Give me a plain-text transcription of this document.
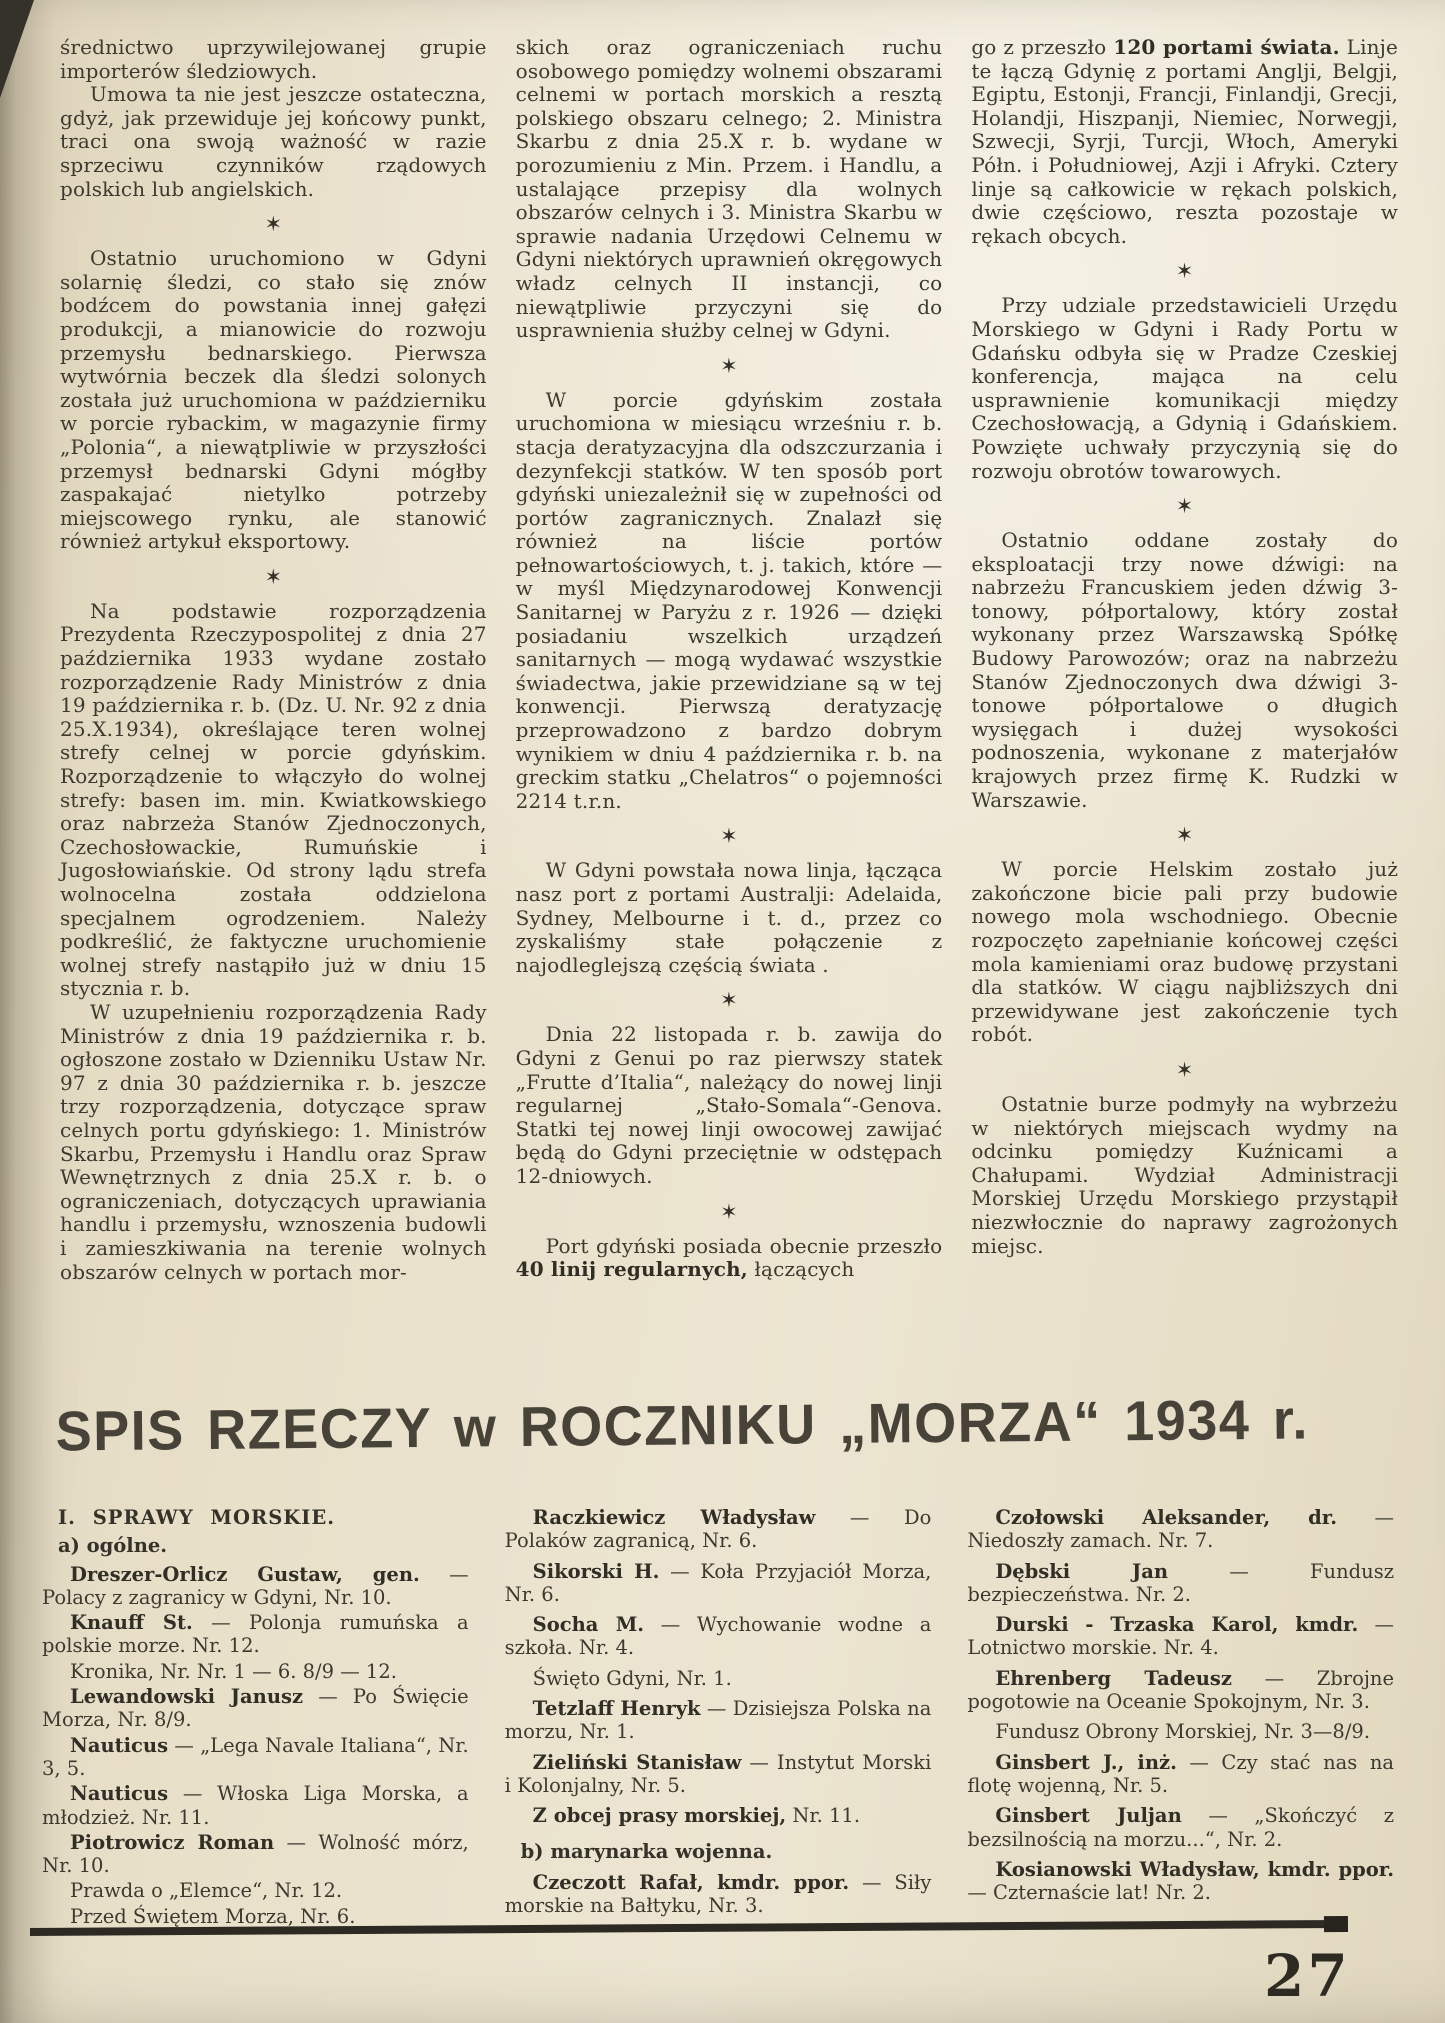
średnictwo uprzywilejowanej grupie importerów śledziowych.

Umowa ta nie jest jeszcze ostateczna, gdyż, jak przewiduje jej końcowy punkt, traci ona swoją ważność w razie sprzeciwu czynników rządowych polskich lub angielskich.

✶

Ostatnio uruchomiono w Gdyni solarnię śledzi, co stało się znów bodźcem do powstania innej gałęzi produkcji, a mianowicie do rozwoju przemysłu bednarskiego. Pierwsza wytwórnia beczek dla śledzi solonych została już uruchomiona w październiku w porcie rybackim, w magazynie firmy „Polonia“, a niewątpliwie w przyszłości przemysł bednarski Gdyni mógłby zaspakajać nietylko potrzeby miejscowego rynku, ale stanowić również artykuł eksportowy.

✶

Na podstawie rozporządzenia Prezydenta Rzeczypospolitej z dnia 27 października 1933 wydane zostało rozporządzenie Rady Ministrów z dnia 19 października r. b. (Dz. U. Nr. 92 z dnia 25.X.1934), określające teren wolnej strefy celnej w porcie gdyńskim. Rozporządzenie to włączyło do wolnej strefy: basen im. min. Kwiatkowskiego oraz nabrzeża Stanów Zjednoczonych, Czechosłowackie, Rumuńskie i Jugosłowiańskie. Od strony lądu strefa wolnocelna została oddzielona specjalnem ogrodzeniem. Należy podkreślić, że faktyczne uruchomienie wolnej strefy nastąpiło już w dniu 15 stycznia r. b.

W uzupełnieniu rozporządzenia Rady Ministrów z dnia 19 października r. b. ogłoszone zostało w Dzienniku Ustaw Nr. 97 z dnia 30 października r. b. jeszcze trzy rozporządzenia, dotyczące spraw celnych portu gdyńskiego: 1. Ministrów Skarbu, Przemysłu i Handlu oraz Spraw Wewnętrznych z dnia 25.X r. b. o ograniczeniach, dotyczących uprawiania handlu i przemysłu, wznoszenia budowli i zamieszkiwania na terenie wolnych obszarów celnych w portach mor-

skich oraz ograniczeniach ruchu osobowego pomiędzy wolnemi obszarami celnemi w portach morskich a resztą polskiego obszaru celnego; 2. Ministra Skarbu z dnia 25.X r. b. wydane w porozumieniu z Min. Przem. i Handlu, a ustalające przepisy dla wolnych obszarów celnych i 3. Ministra Skarbu w sprawie nadania Urzędowi Celnemu w Gdyni niektórych uprawnień okręgowych władz celnych II instancji, co niewątpliwie przyczyni się do usprawnienia służby celnej w Gdyni.

✶

W porcie gdyńskim została uruchomiona w miesiącu wrześniu r. b. stacja deratyzacyjna dla odszczurzania i dezynfekcji statków. W ten sposób port gdyński uniezależnił się w zupełności od portów zagranicznych. Znalazł się również na liście portów pełnowartościowych, t. j. takich, które — w myśl Międzynarodowej Konwencji Sanitarnej w Paryżu z r. 1926 — dzięki posiadaniu wszelkich urządzeń sanitarnych — mogą wydawać wszystkie świadectwa, jakie przewidziane są w tej konwencji. Pierwszą deratyzację przeprowadzono z bardzo dobrym wynikiem w dniu 4 października r. b. na greckim statku „Chelatros“ o pojemności 2214 t.r.n.

✶

W Gdyni powstała nowa linja, łącząca nasz port z portami Australji: Adelaida, Sydney, Melbourne i t. d., przez co zyskaliśmy stałe połączenie z najodleglejszą częścią świata .

✶

Dnia 22 listopada r. b. zawija do Gdyni z Genui po raz pierwszy statek „Frutte d’Italia“, należący do nowej linji regularnej „Stało-Somala“-Genova. Statki tej nowej linji owocowej zawijać będą do Gdyni przeciętnie w odstępach 12-dniowych.

✶

Port gdyński posiada obecnie przeszło 40 linij regularnych, łączących

go z przeszło 120 portami świata. Linje te łączą Gdynię z portami Anglji, Belgji, Egiptu, Estonji, Francji, Finlandji, Grecji, Holandji, Hiszpanji, Niemiec, Norwegji, Szwecji, Syrji, Turcji, Włoch, Ameryki Półn. i Południowej, Azji i Afryki. Cztery linje są całkowicie w rękach polskich, dwie częściowo, reszta pozostaje w rękach obcych.

✶

Przy udziale przedstawicieli Urzędu Morskiego w Gdyni i Rady Portu w Gdańsku odbyła się w Pradze Czeskiej konferencja, mająca na celu usprawnienie komunikacji między Czechosłowacją, a Gdynią i Gdańskiem. Powzięte uchwały przyczynią się do rozwoju obrotów towarowych.

✶

Ostatnio oddane zostały do eksploatacji trzy nowe dźwigi: na nabrzeżu Francuskiem jeden dźwig 3-tonowy, półportalowy, który został wykonany przez Warszawską Spółkę Budowy Parowozów; oraz na nabrzeżu Stanów Zjednoczonych dwa dźwigi 3-tonowe półportalowe o długich wysięgach i dużej wysokości podnoszenia, wykonane z materjałów krajowych przez firmę K. Rudzki w Warszawie.

✶

W porcie Helskim zostało już zakończone bicie pali przy budowie nowego mola wschodniego. Obecnie rozpoczęto zapełnianie końcowej części mola kamieniami oraz budowę przystani dla statków. W ciągu najbliższych dni przewidywane jest zakończenie tych robót.

✶

Ostatnie burze podmyły na wybrzeżu w niektórych miejscach wydmy na odcinku pomiędzy Kuźnicami a Chałupami. Wydział Administracji Morskiej Urzędu Morskiego przystąpił niezwłocznie do naprawy zagrożonych miejsc.

SPIS RZECZY w ROCZNIKU „MORZA“ 1934 r.

I. SPRAWY MORSKIE.

a) ogólne.

Dreszer-Orlicz Gustaw, gen. — Polacy z zagranicy w Gdyni, Nr. 10.

Knauff St. — Polonja rumuńska a polskie morze. Nr. 12.

Kronika, Nr. Nr. 1 — 6. 8/9 — 12.

Lewandowski Janusz — Po Święcie Morza, Nr. 8/9.

Nauticus — „Lega Navale Italiana“, Nr. 3, 5.

Nauticus — Włoska Liga Morska, a młodzież. Nr. 11.

Piotrowicz Roman — Wolność mórz, Nr. 10.

Prawda o „Elemce“, Nr. 12.

Przed Świętem Morza, Nr. 6.

Raczkiewicz Władysław — Do Polaków zagranicą, Nr. 6.

Sikorski H. — Koła Przyjaciół Morza, Nr. 6.

Socha M. — Wychowanie wodne a szkoła. Nr. 4.

Święto Gdyni, Nr. 1.

Tetzlaff Henryk — Dzisiejsza Polska na morzu, Nr. 1.

Zieliński Stanisław — Instytut Morski i Kolonjalny, Nr. 5.

Z obcej prasy morskiej, Nr. 11.

b) marynarka wojenna.

Czeczott Rafał, kmdr. ppor. — Siły morskie na Bałtyku, Nr. 3.

Czołowski Aleksander, dr. — Niedoszły zamach. Nr. 7.

Dębski Jan — Fundusz bezpieczeństwa. Nr. 2.

Durski - Trzaska Karol, kmdr. — Lotnictwo morskie. Nr. 4.

Ehrenberg Tadeusz — Zbrojne pogotowie na Oceanie Spokojnym, Nr. 3.

Fundusz Obrony Morskiej, Nr. 3—8/9.

Ginsbert J., inż. — Czy stać nas na flotę wojenną, Nr. 5.

Ginsbert Juljan — „Skończyć z bezsilnością na morzu...“, Nr. 2.

Kosianowski Władysław, kmdr. ppor. — Czternaście lat! Nr. 2.

27
